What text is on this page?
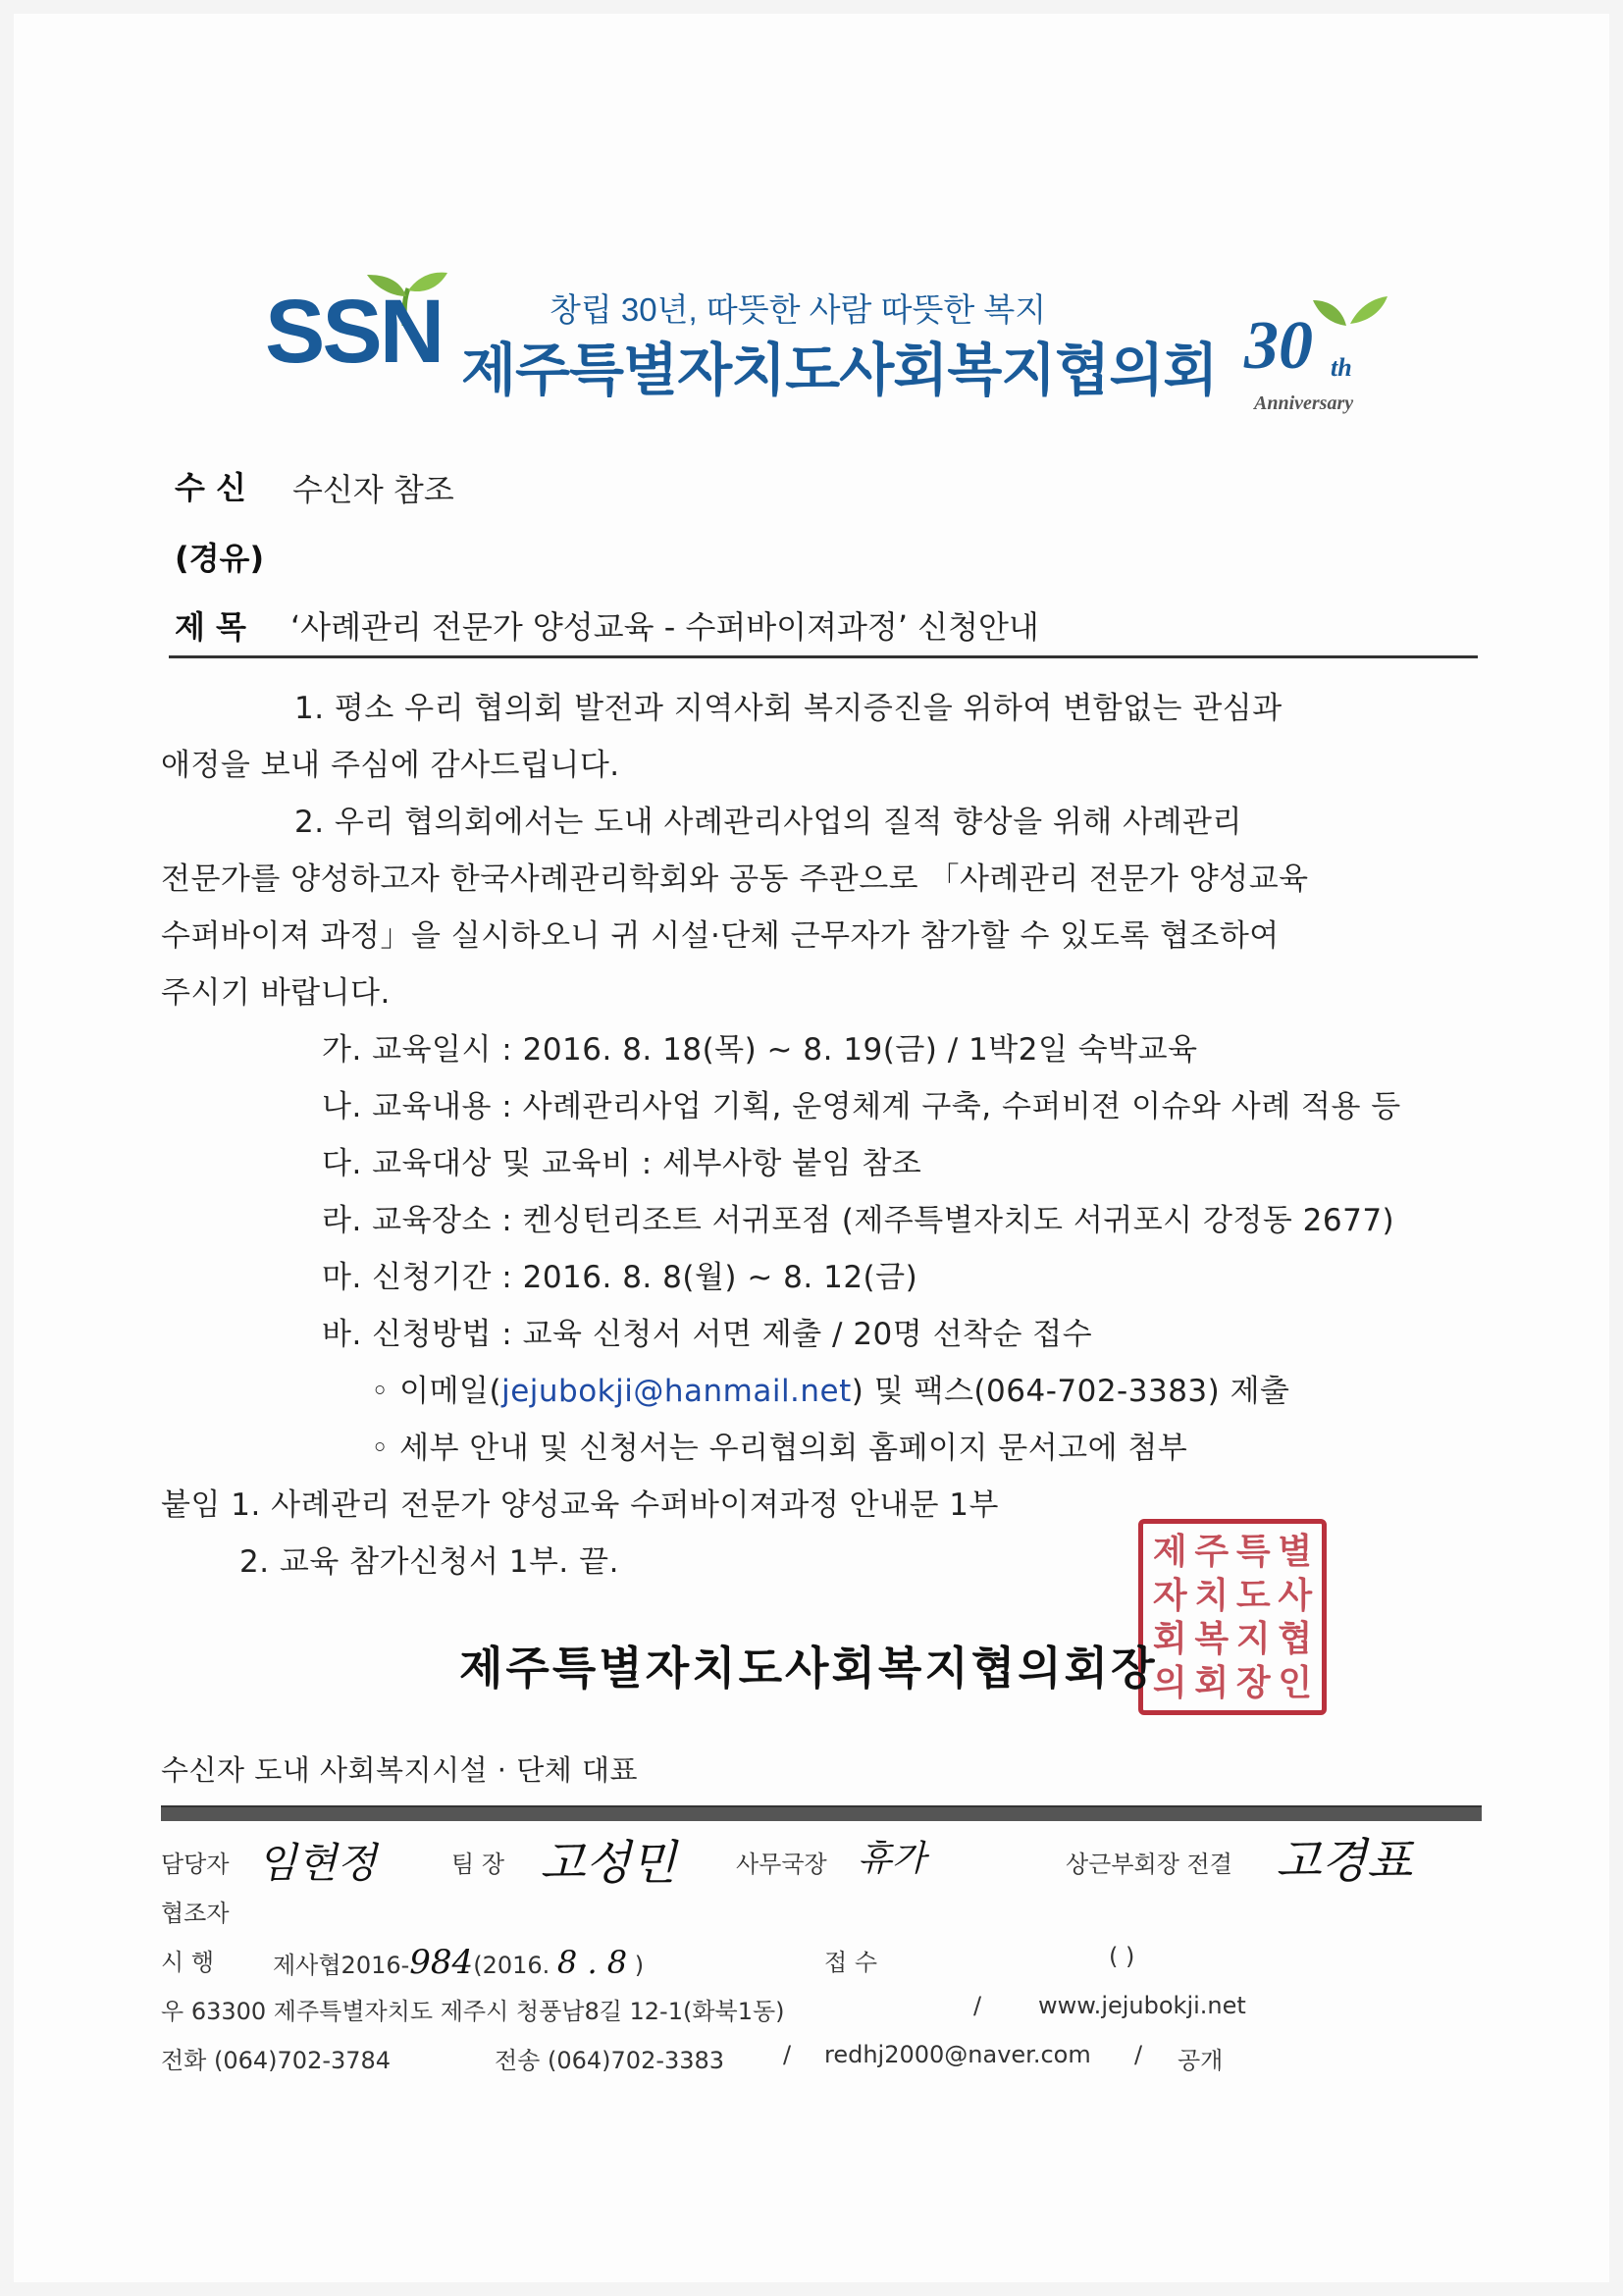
SSN	창립 30년, 따뜻한 사람 따뜻한 복지
제주특별자치도사회복지협의회 30 th
Anniversary
수 신 수신자 참조
(경유)
제 목 ‘사례관리 전문가 양성교육 - 수퍼바이져과정’ 신청안내
1. 평소 우리 협의회 발전과 지역사회 복지증진을 위하여 변함없는 관심과
애정을 보내 주심에 감사드립니다.
2. 우리 협의회에서는 도내 사례관리사업의 질적 향상을 위해 사례관리
전문가를 양성하고자 한국사례관리학회와 공동 주관으로 「사례관리 전문가 양성교육
수퍼바이져 과정」을 실시하오니 귀 시설·단체 근무자가 참가할 수 있도록 협조하여
주시기 바랍니다.
가. 교육일시 : 2016. 8. 18(목) ~ 8. 19(금) / 1박2일 숙박교육
나. 교육내용 : 사례관리사업 기획, 운영체계 구축, 수퍼비젼 이슈와 사례 적용 등
다. 교육대상 및 교육비 : 세부사항 붙임 참조
라. 교육장소 : 켄싱턴리조트 서귀포점 (제주특별자치도 서귀포시 강정동 2677)
마. 신청기간 : 2016. 8. 8(월) ~ 8. 12(금)
바. 신청방법 : 교육 신청서 서면 제출 / 20명 선착순 접수
◦ 이메일(jejubokji@hanmail.net) 및 팩스(064-702-3383) 제출
◦ 세부 안내 및 신청서는 우리협의회 홈페이지 문서고에 첨부
붙임 1. 사례관리 전문가 양성교육 수퍼바이져과정 안내문 1부
2. 교육 참가신청서 1부. 끝.	제 주 특 별
자 치 도 사
회 복 지 협
의 회 장 인
제주특별자치도사회복지협의회장
수신자 도내 사회복지시설 · 단체 대표
담당자 임현정	팀 장 고성민	사무국장 휴가	상근부회장 전결 고경표
협조자
시 행	제사협2016-984(2016. 8 . 8 )	접 수	( )
우 63300 제주특별자치도 제주시 청풍남8길 12-1(화북1동)	/ www.jejubokji.net
전화 (064)702-3784	전송 (064)702-3383 / redhj2000@naver.com / 공개
